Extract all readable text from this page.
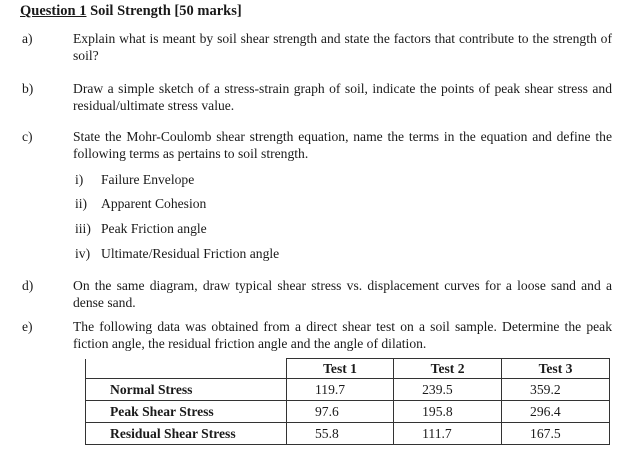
Question 1 Soil Strength [50 marks]
a)	Explain what is meant by soil shear strength and state the factors that contribute to the strength of soil?
b)	Draw a simple sketch of a stress-strain graph of soil, indicate the points of peak shear stress and residual/ultimate stress value.
c)	State the Mohr-Coulomb shear strength equation, name the terms in the equation and define the following terms as pertains to soil strength.
i) Failure Envelope
ii) Apparent Cohesion
iii) Peak Friction angle
iv) Ultimate/Residual Friction angle
d)	On the same diagram, draw typical shear stress vs. displacement curves for a loose sand and a dense sand.
e)	The following data was obtained from a direct shear test on a soil sample. Determine the peak fiction angle, the residual friction angle and the angle of dilation.
	Test 1	Test 2	Test 3
Normal Stress	119.7	239.5	359.2
Peak Shear Stress	97.6	195.8	296.4
Residual Shear Stress	55.8	111.7	167.5
